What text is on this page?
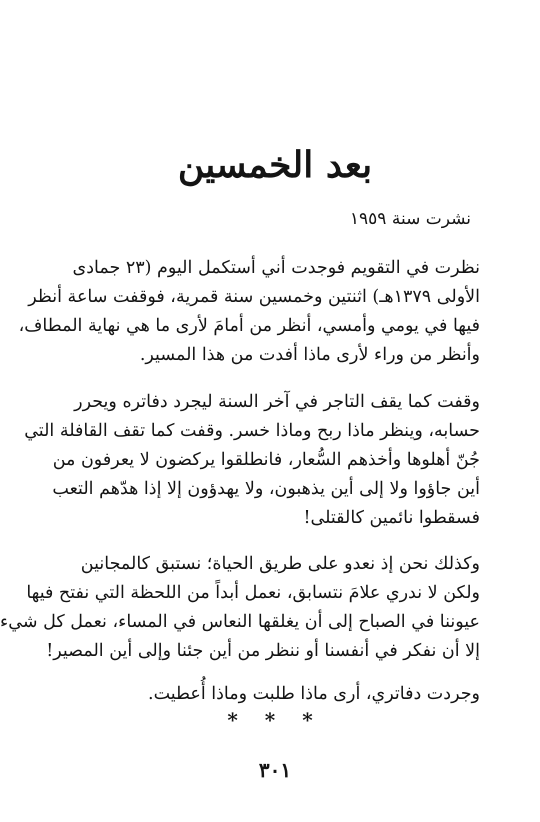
بعد الخمسين

نشرت سنة ١٩٥٩

نظرت في التقويم فوجدت أني أستكمل اليوم (٢٣ جمادى
الأولى ١٣٧٩هـ) اثنتين وخمسين سنة قمرية، فوقفت ساعة أنظر
فيها في يومي وأمسي، أنظر من أمامَ لأرى ما هي نهاية المطاف،
وأنظر من وراء لأرى ماذا أفدت من هذا المسير.

وقفت كما يقف التاجر في آخر السنة ليجرد دفاتره ويحرر
حسابه، وينظر ماذا ربح وماذا خسر. وقفت كما تقف القافلة التي
جُنّ أهلوها وأخذهم السُّعار، فانطلقوا يركضون لا يعرفون من
أين جاؤوا ولا إلى أين يذهبون، ولا يهدؤون إلا إذا هدّهم التعب
فسقطوا نائمين كالقتلى!

وكذلك نحن إذ نعدو على طريق الحياة؛ نستبق كالمجانين
ولكن لا ندري علامَ نتسابق، نعمل أبداً من اللحظة التي نفتح فيها
عيوننا في الصباح إلى أن يغلقها النعاس في المساء، نعمل كل شيء
إلا أن نفكر في أنفسنا أو ننظر من أين جئنا وإلى أين المصير!

وجردت دفاتري، أرى ماذا طلبت وماذا أُعطيت.

* * *

٣٠١
